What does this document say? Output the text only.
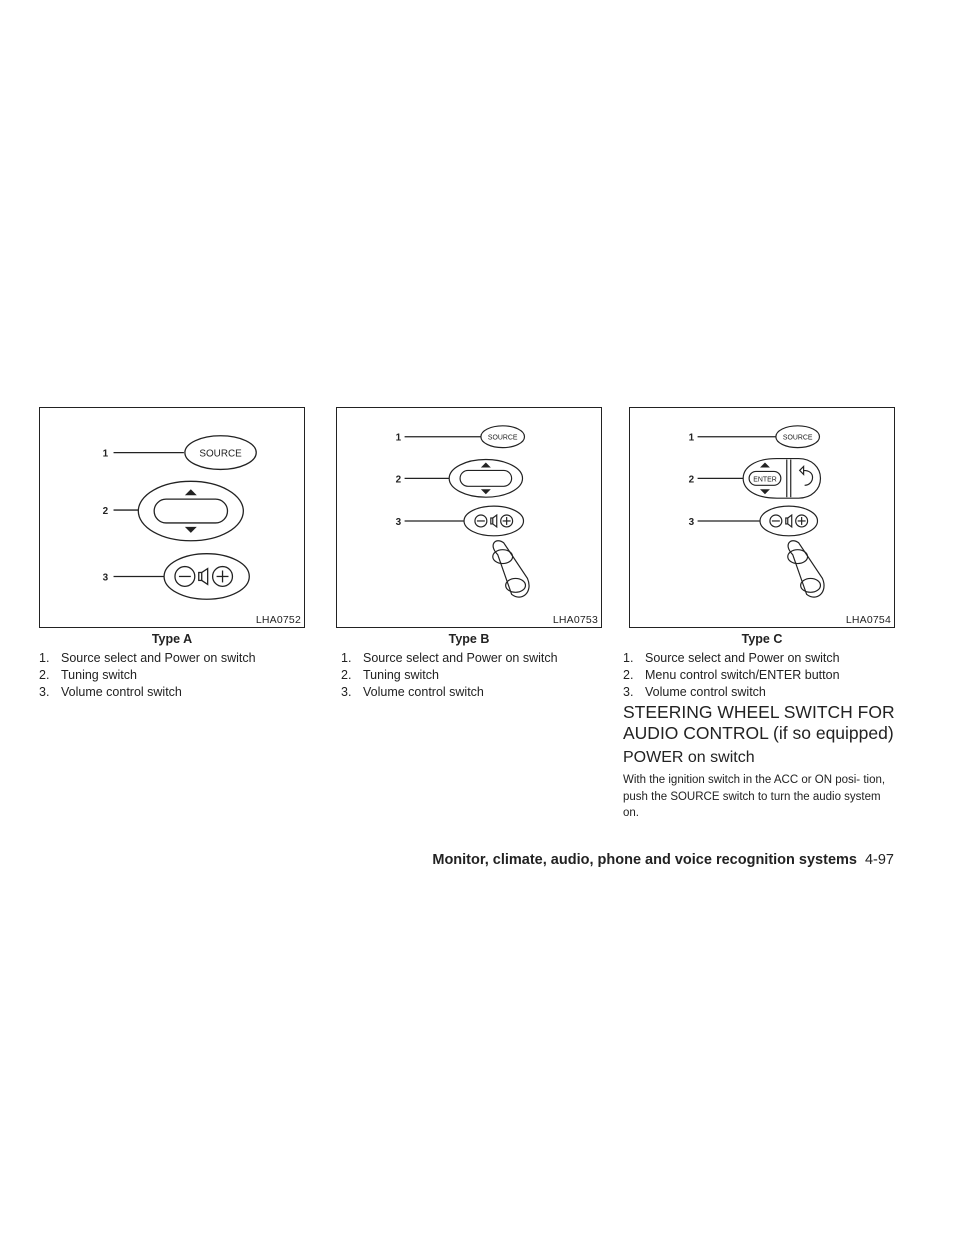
1
2
3
SOURCE
LHA0752
Type A
1
2
3
SOURCE
LHA0753
Type B
1
2
3
SOURCE
ENTER
LHA0754
Type C
1. Source select and Power on switch
2. Tuning switch
3. Volume control switch
1. Source select and Power on switch
2. Tuning switch
3. Volume control switch
1. Source select and Power on switch
2. Menu control switch/ENTER button
3. Volume control switch
STEERING WHEEL SWITCH FOR AUDIO CONTROL (if so equipped)
POWER on switch

With the ignition switch in the ACC or ON posi- tion, push the SOURCE switch to turn the audio system on.

Monitor, climate, audio, phone and voice recognition systems 4-97
